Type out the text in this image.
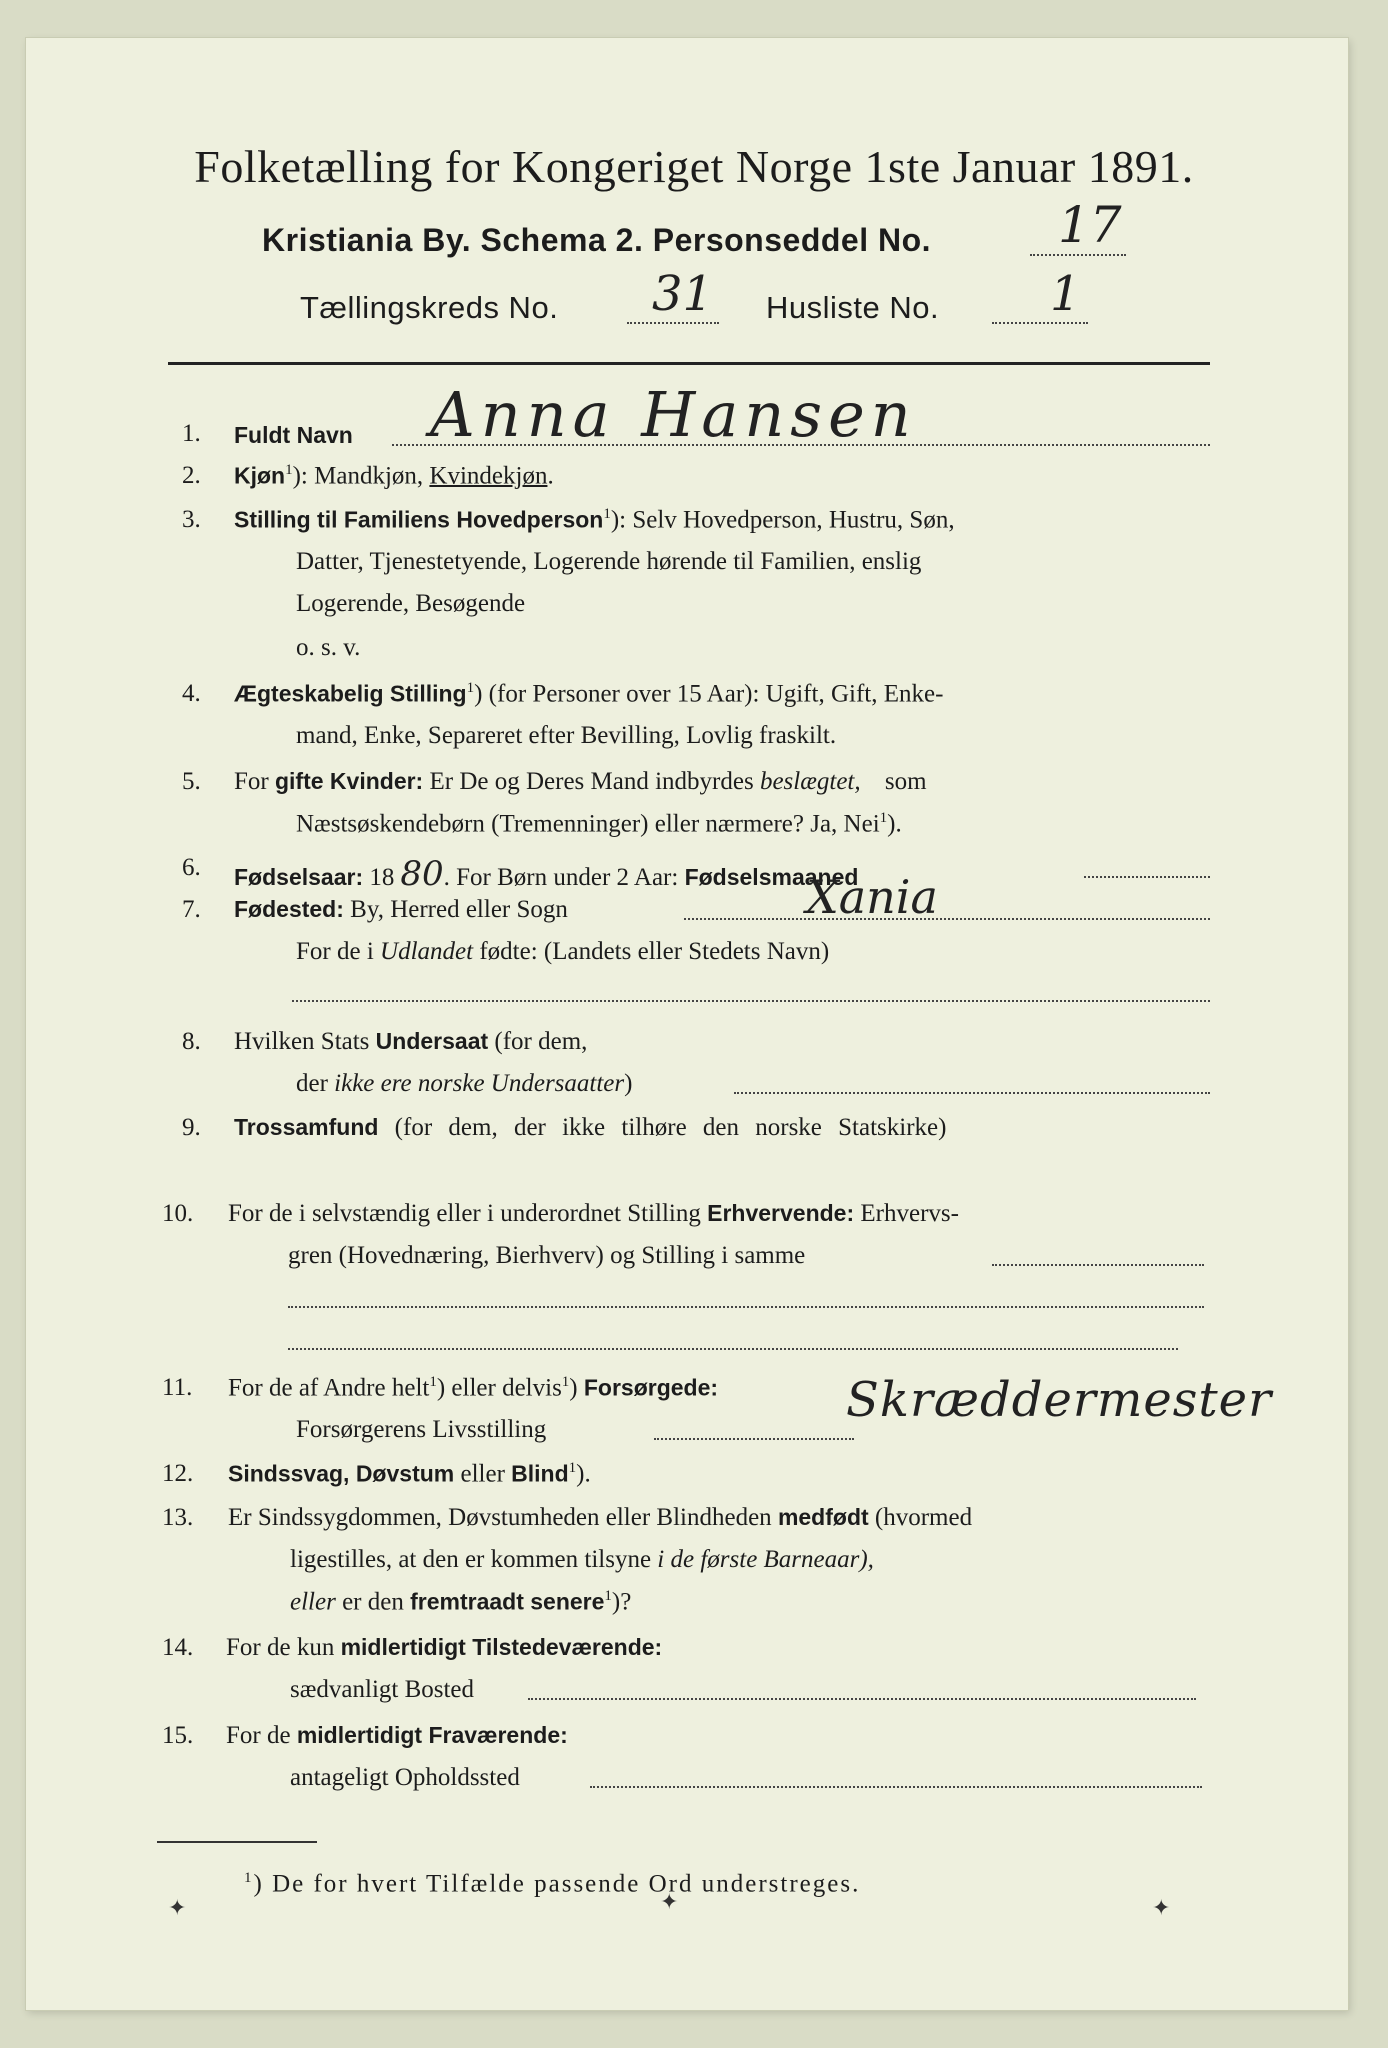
Folketælling for Kongeriget Norge 1ste Januar 1891.
Kristiania By. Schema 2. Personseddel No.	17
Tællingskreds No. 31 Husliste No. 1
1. Fuldt Navn Anna Hansen
2. Kjøn$^1$): Mandkjøn, Kvindekjøn.
3. Stilling til Familiens Hovedperson$^1$): Selv Hovedperson, Hustru, Søn,
Datter, Tjenestetyende, Logerende hørende til Familien, enslig
Logerende, Besøgende
o. s. v.
4. Ægteskabelig Stilling$^1$) (for Personer over 15 Aar): Ugift, Gift, Enke-
mand, Enke, Separeret efter Bevilling, Lovlig fraskilt.
5. For gifte Kvinder: Er De og Deres Mand indbyrdes beslægtet, som
Næstsøskendebørn (Tremenninger) eller nærmere? Ja, Nei$^1$).
6. Fødselsaar: 18 80. For Børn under 2 Aar: Fødselsmaaned
7. Fødested: By, Herred eller Sogn	Xania
For de i Udlandet fødte: (Landets eller Stedets Navn)
8. Hvilken Stats Undersaat (for dem,
der ikke ere norske Undersaatter)
9. Trossamfund (for dem, der ikke tilhøre den norske Statskirke)
10. For de i selvstændig eller i underordnet Stilling Erhvervende: Erhvervs-
gren (Hovednæring, Bierhverv) og Stilling i samme
11. For de af Andre helt$^1$) eller delvis$^1$) Forsørgede:
Forsørgerens Livsstilling
Skræddermester
12. Sindssvag, Døvstum eller Blind$^1$).
13. Er Sindssygdommen, Døvstumheden eller Blindheden medfødt (hvormed
ligestilles, at den er kommen tilsyne i de første Barneaar),
eller er den fremtraadt senere$^1$)?
14. For de kun midlertidigt Tilstedeværende:
sædvanligt Bosted
15. For de midlertidigt Fraværende:
antageligt Opholdssted
$^1$) De for hvert Tilfælde passende Ord understreges.
✦	✦	✦
